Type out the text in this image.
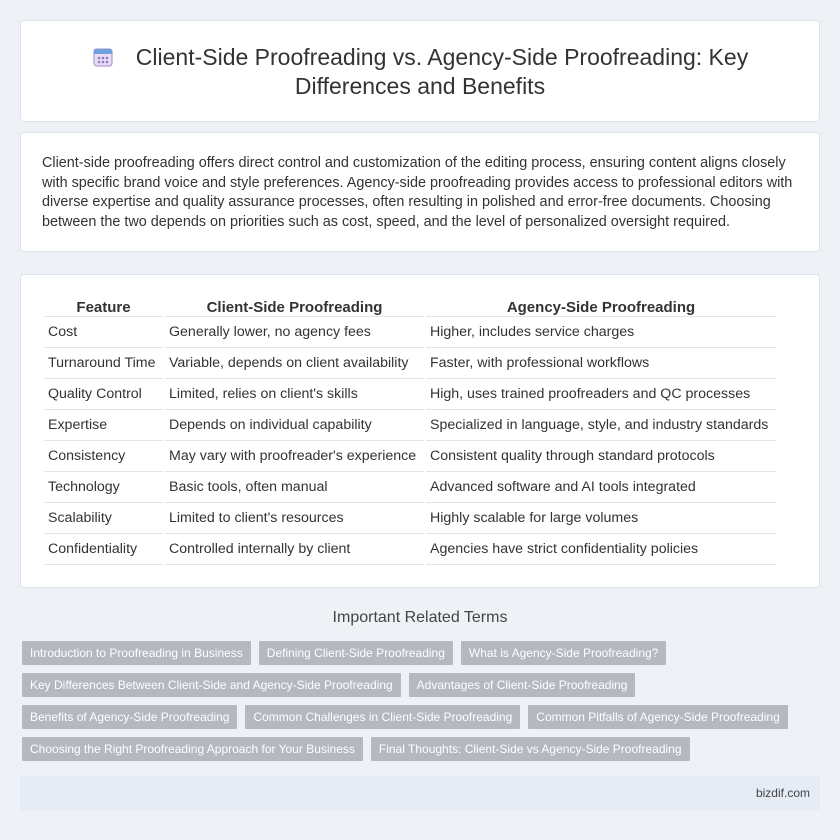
Client-Side Proofreading vs. Agency-Side Proofreading: Key
Differences and Benefits

Client-side proofreading offers direct control and customization of the editing process, ensuring content aligns closely with specific brand voice and style preferences. Agency-side proofreading provides access to professional editors with diverse expertise and quality assurance processes, often resulting in polished and error-free documents. Choosing between the two depends on priorities such as cost, speed, and the level of personalized oversight required.

Feature	Client-Side Proofreading	Agency-Side Proofreading
Cost	Generally lower, no agency fees	Higher, includes service charges
Turnaround Time	Variable, depends on client availability	Faster, with professional workflows
Quality Control	Limited, relies on client's skills	High, uses trained proofreaders and QC processes
Expertise	Depends on individual capability	Specialized in language, style, and industry standards
Consistency	May vary with proofreader's experience	Consistent quality through standard protocols
Technology	Basic tools, often manual	Advanced software and AI tools integrated
Scalability	Limited to client's resources	Highly scalable for large volumes
Confidentiality	Controlled internally by client	Agencies have strict confidentiality policies
Important Related Terms
Introduction to Proofreading in Business	Defining Client-Side Proofreading	What is Agency-Side Proofreading?
Key Differences Between Client-Side and Agency-Side Proofreading	Advantages of Client-Side Proofreading
Benefits of Agency-Side Proofreading	Common Challenges in Client-Side Proofreading	Common Pitfalls of Agency-Side Proofreading
Choosing the Right Proofreading Approach for Your Business	Final Thoughts: Client-Side vs Agency-Side Proofreading
bizdif.com
